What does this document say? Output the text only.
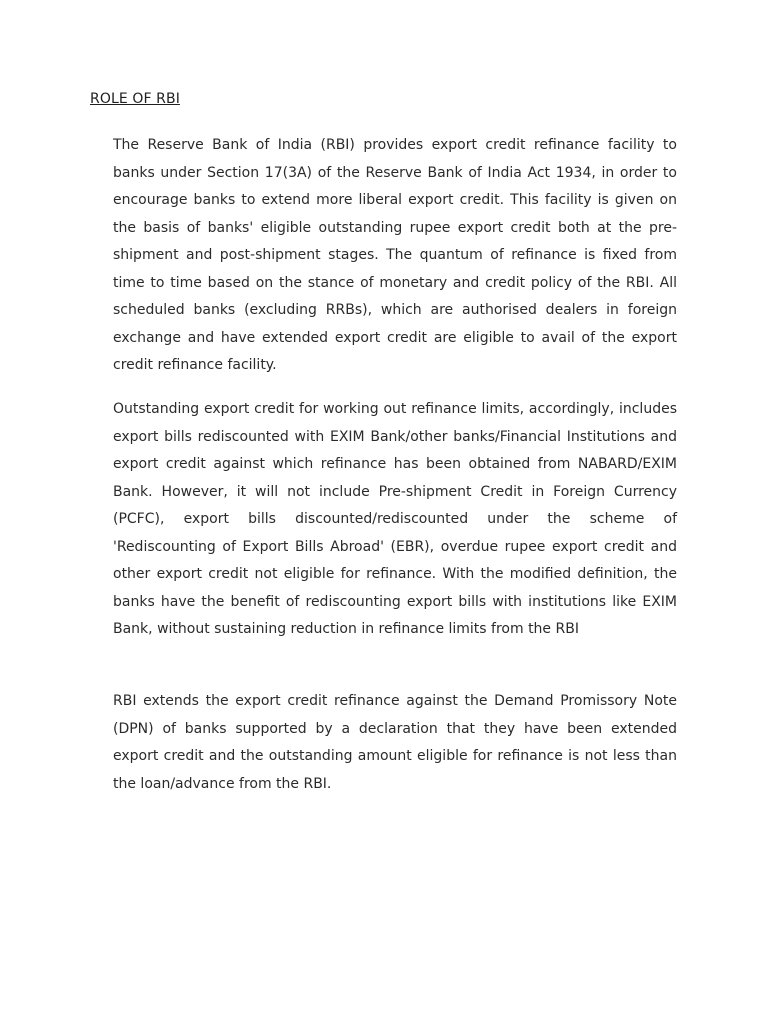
ROLE OF RBI

The Reserve Bank of India (RBI) provides export credit refinance facility to banks under Section 17(3A) of the Reserve Bank of India Act 1934, in order to encourage banks to extend more liberal export credit. This facility is given on the basis of banks' eligible outstanding rupee export credit both at the pre-shipment and post-shipment stages. The quantum of refinance is fixed from time to time based on the stance of monetary and credit policy of the RBI. All scheduled banks (excluding RRBs), which are authorised dealers in foreign exchange and have extended export credit are eligible to avail of the export credit refinance facility.

Outstanding export credit for working out refinance limits, accordingly, includes export bills rediscounted with EXIM Bank/other banks/Financial Institutions and export credit against which refinance has been obtained from NABARD/EXIM Bank. However, it will not include Pre-shipment Credit in Foreign Currency (PCFC), export bills discounted/rediscounted under the scheme of 'Rediscounting of Export Bills Abroad' (EBR), overdue rupee export credit and other export credit not eligible for refinance. With the modified definition, the banks have the benefit of rediscounting export bills with institutions like EXIM Bank, without sustaining reduction in refinance limits from the RBI

RBI extends the export credit refinance against the Demand Promissory Note (DPN) of banks supported by a declaration that they have been extended export credit and the outstanding amount eligible for refinance is not less than the loan/advance from the RBI.
